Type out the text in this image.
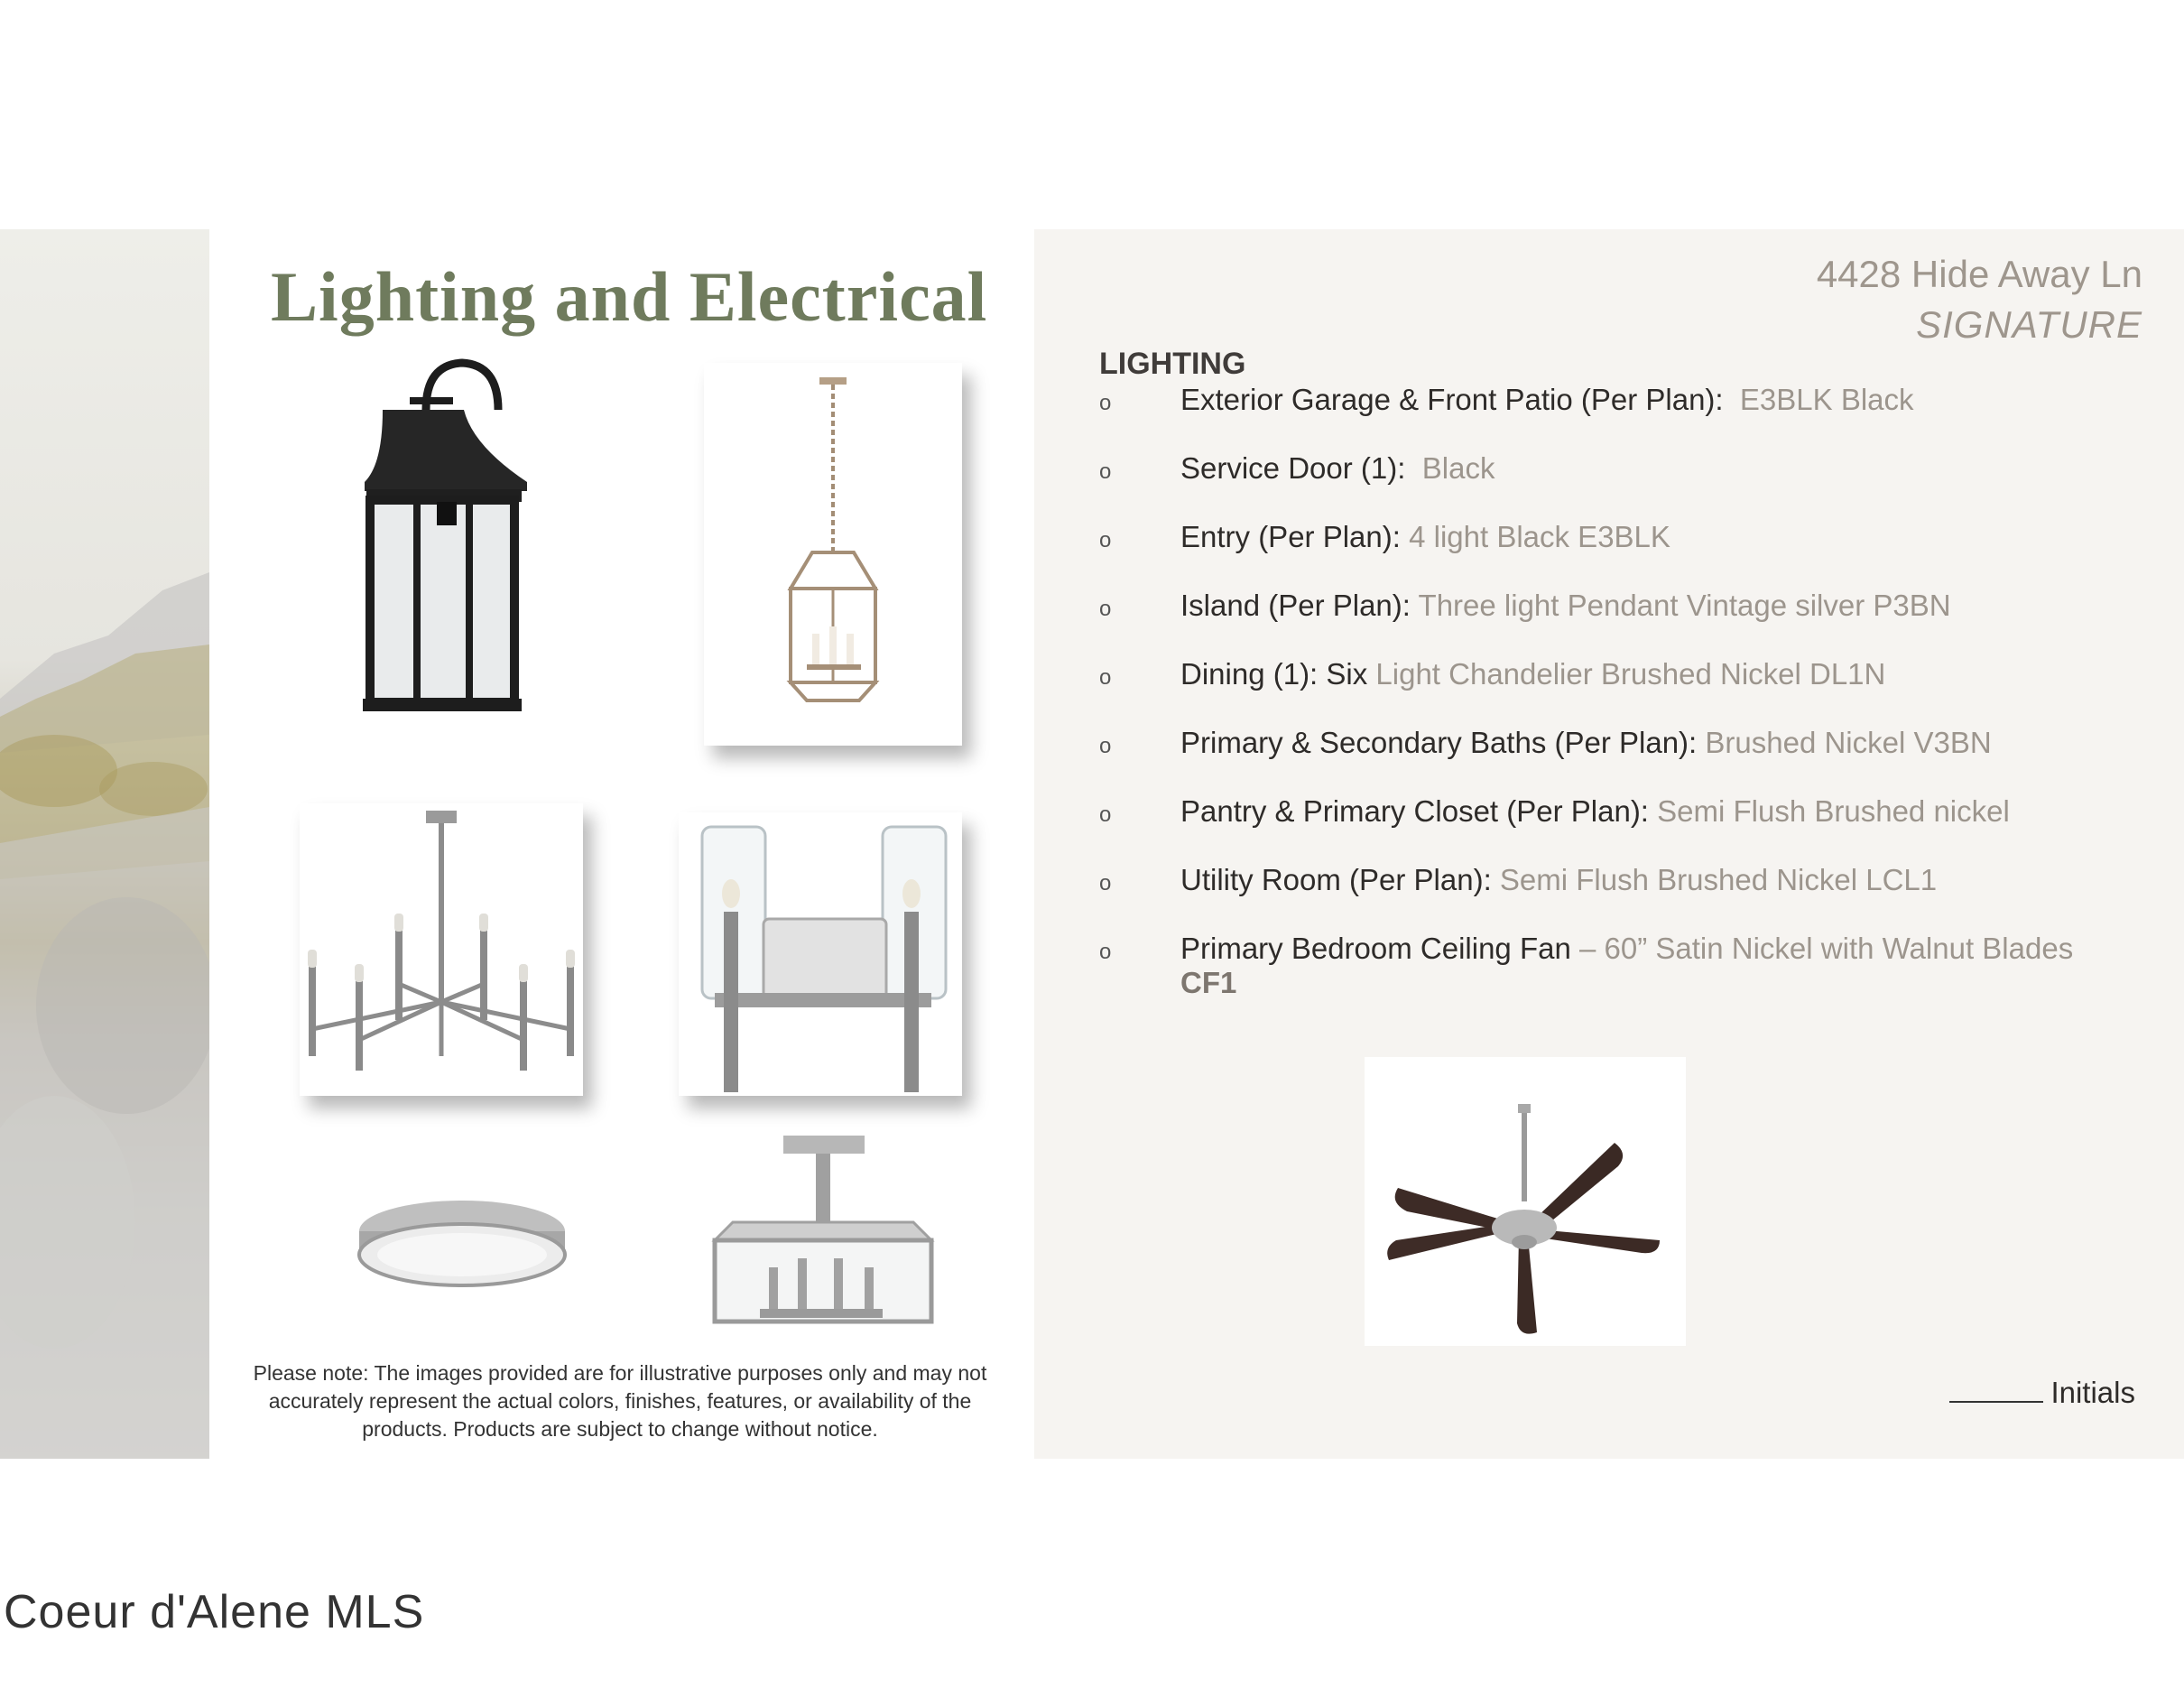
Lighting and Electrical
Please note: The images provided are for illustrative purposes only and may not accurately represent the actual colors, finishes, features, or availability of the products. Products are subject to change without notice.
4428 Hide Away Ln
SIGNATURE
LIGHTING
o Exterior Garage & Front Patio (Per Plan): E3BLK Black
o Service Door (1): Black
o Entry (Per Plan): 4 light Black E3BLK
o Island (Per Plan): Three light Pendant Vintage silver P3BN
o Dining (1): Six Light Chandelier Brushed Nickel DL1N
o Primary & Secondary Baths (Per Plan): Brushed Nickel V3BN
o Pantry & Primary Closet (Per Plan): Semi Flush Brushed nickel
o Utility Room (Per Plan): Semi Flush Brushed Nickel LCL1
o Primary Bedroom Ceiling Fan – 60” Satin Nickel with Walnut Blades
CF1
Initials
Coeur d'Alene MLS
